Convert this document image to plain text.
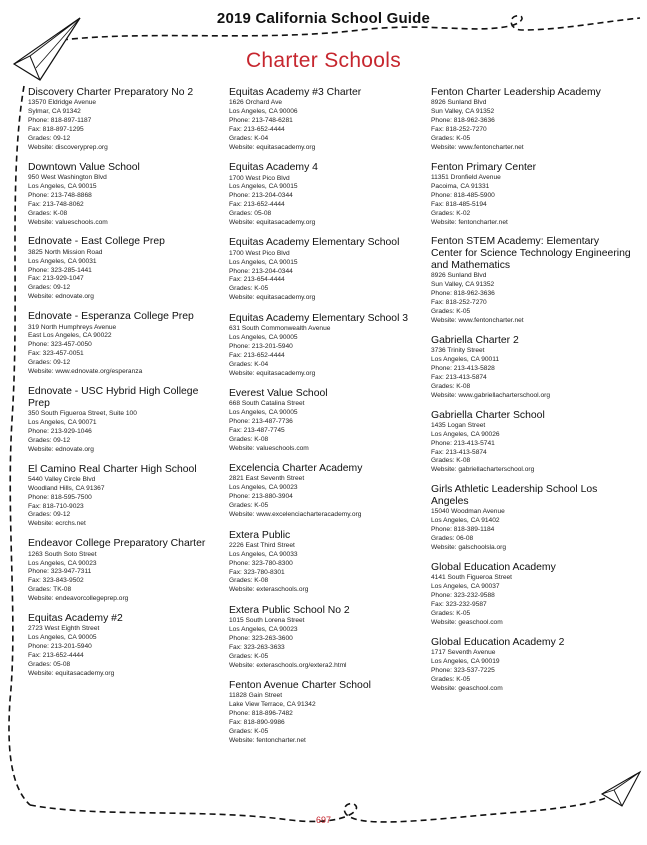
2019 California School Guide
Charter Schools
Discovery Charter Preparatory No 2
13570 Eldridge Avenue
Sylmar, CA 91342
Phone: 818-897-1187
Fax: 818-897-1295
Grades: 09-12
Website: discoveryprep.org
Downtown Value School
950 West Washington Blvd
Los Angeles, CA 90015
Phone: 213-748-8868
Fax: 213-748-8062
Grades: K-08
Website: valueschools.com
Ednovate - East College Prep
3825 North Mission Road
Los Angeles, CA 90031
Phone: 323-285-1441
Fax: 213-929-1047
Grades: 09-12
Website: ednovate.org
Ednovate - Esperanza College Prep
319 North Humphreys Avenue
East Los Angeles, CA 90022
Phone: 323-457-0050
Fax: 323-457-0051
Grades: 09-12
Website: www.ednovate.org/esperanza
Ednovate - USC Hybrid High College Prep
350 South Figueroa Street, Suite 100
Los Angeles, CA 90071
Phone: 213-929-1046
Grades: 09-12
Website: ednovate.org
El Camino Real Charter High School
5440 Valley Circle Blvd
Woodland Hills, CA 91367
Phone: 818-595-7500
Fax: 818-710-9023
Grades: 09-12
Website: ecrchs.net
Endeavor College Preparatory Charter
1263 South Soto Street
Los Angeles, CA 90023
Phone: 323-947-7311
Fax: 323-843-9502
Grades: TK-08
Website: endeavorcollegeprep.org
Equitas Academy #2
2723 West Eighth Street
Los Angeles, CA 90005
Phone: 213-201-5940
Fax: 213-652-4444
Grades: 05-08
Website: equitasacademy.org
Equitas Academy #3 Charter
1626 Orchard Ave
Los Angeles, CA 90006
Phone: 213-748-6281
Fax: 213-652-4444
Grades: K-04
Website: equitasacademy.org
Equitas Academy 4
1700 West Pico Blvd
Los Angeles, CA 90015
Phone: 213-204-0344
Fax: 213-652-4444
Grades: 05-08
Website: equitasacademy.org
Equitas Academy Elementary School
1700 West Pico Blvd
Los Angeles, CA 90015
Phone: 213-204-0344
Fax: 213-654-4444
Grades: K-05
Website: equitasacademy.org
Equitas Academy Elementary School 3
631 South Commonwealth Avenue
Los Angeles, CA 90005
Phone: 213-201-5940
Fax: 213-652-4444
Grades: K-04
Website: equitasacademy.org
Everest Value School
668 South Catalina Street
Los Angeles, CA 90005
Phone: 213-487-7736
Fax: 213-487-7745
Grades: K-08
Website: valueschools.com
Excelencia Charter Academy
2821 East Seventh Street
Los Angeles, CA 90023
Phone: 213-880-3904
Grades: K-05
Website: www.excelenciacharteracademy.org
Extera Public
2226 East Third Street
Los Angeles, CA 90033
Phone: 323-780-8300
Fax: 323-780-8301
Grades: K-08
Website: exteraschools.org
Extera Public School No 2
1015 South Lorena Street
Los Angeles, CA 90023
Phone: 323-263-3600
Fax: 323-263-3633
Grades: K-05
Website: exteraschools.org/extera2.html
Fenton Avenue Charter School
11828 Gain Street
Lake View Terrace, CA 91342
Phone: 818-896-7482
Fax: 818-890-9986
Grades: K-05
Website: fentoncharter.net
Fenton Charter Leadership Academy
8926 Sunland Blvd
Sun Valley, CA 91352
Phone: 818-962-3636
Fax: 818-252-7270
Grades: K-05
Website: www.fentoncharter.net
Fenton Primary Center
11351 Dronfield Avenue
Pacoima, CA 91331
Phone: 818-485-5900
Fax: 818-485-5194
Grades: K-02
Website: fentoncharter.net
Fenton STEM Academy: Elementary Center for Science Technology Engineering and Mathematics
8926 Sunland Blvd
Sun Valley, CA 91352
Phone: 818-962-3636
Fax: 818-252-7270
Grades: K-05
Website: www.fentoncharter.net
Gabriella Charter 2
3736 Trinity Street
Los Angeles, CA 90011
Phone: 213-413-5828
Fax: 213-413-5874
Grades: K-08
Website: www.gabriellacharterschool.org
Gabriella Charter School
1435 Logan Street
Los Angeles, CA 90026
Phone: 213-413-5741
Fax: 213-413-5874
Grades: K-08
Website: gabriellacharterschool.org
Girls Athletic Leadership School Los Angeles
15040 Woodman Avenue
Los Angeles, CA 91402
Phone: 818-389-1184
Grades: 06-08
Website: galschoolsla.org
Global Education Academy
4141 South Figueroa Street
Los Angeles, CA 90037
Phone: 323-232-9588
Fax: 323-232-9587
Grades: K-05
Website: geaschool.com
Global Education Academy 2
1717 Seventh Avenue
Los Angeles, CA 90019
Phone: 323-537-7225
Grades: K-05
Website: geaschool.com
697
